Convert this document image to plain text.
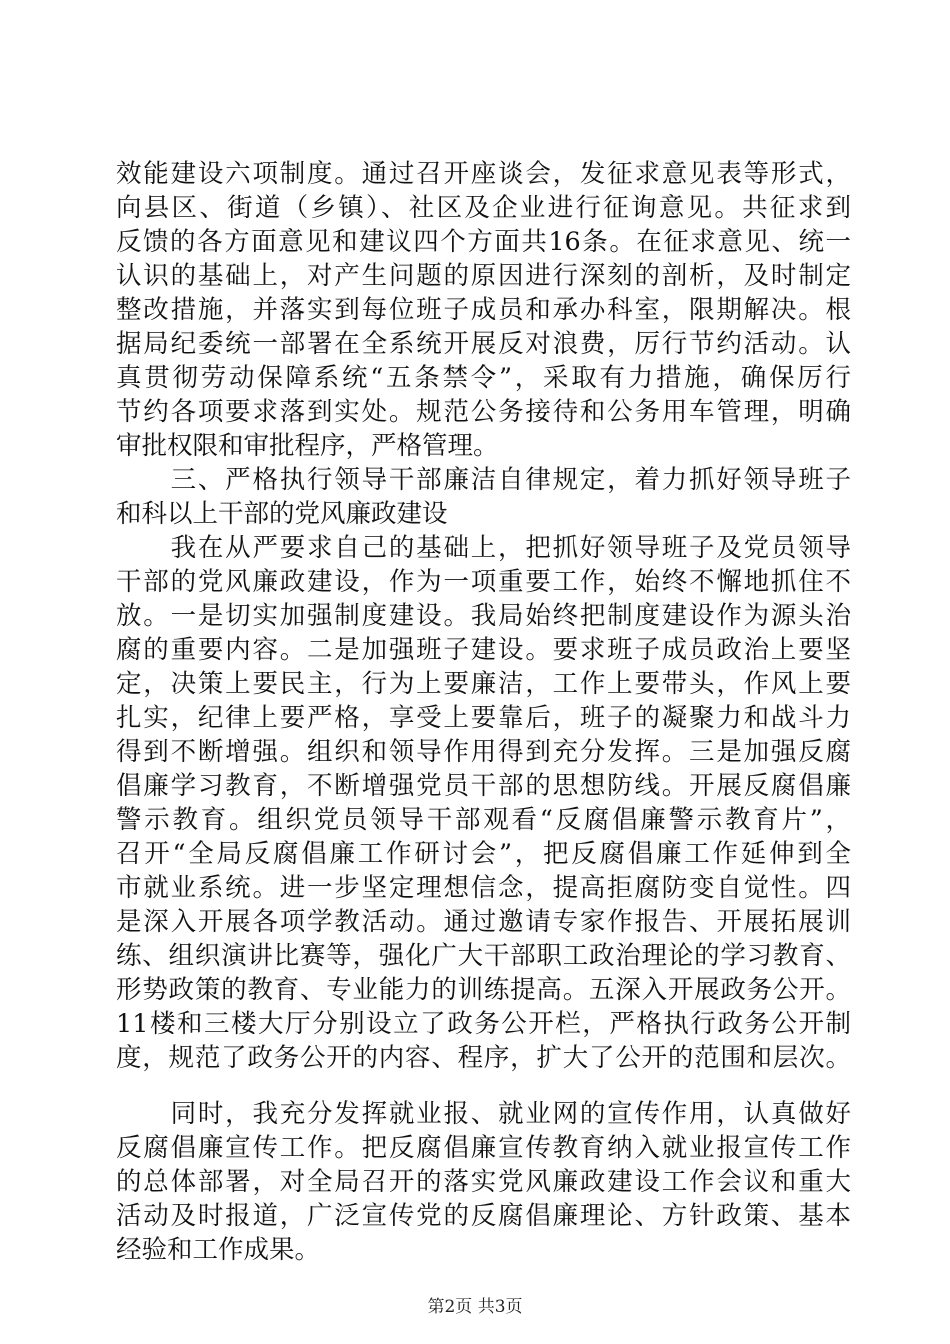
效能建设六项制度。通过召开座谈会，发征求意见表等形式，
向县区、街道（乡镇）、社区及企业进行征询意见。共征求到
反馈的各方面意见和建议四个方面共16条。在征求意见、统一
认识的基础上，对产生问题的原因进行深刻的剖析，及时制定
整改措施，并落实到每位班子成员和承办科室，限期解决。根
据局纪委统一部署在全系统开展反对浪费，厉行节约活动。认
真贯彻劳动保障系统“五条禁令”，采取有力措施，确保厉行
节约各项要求落到实处。规范公务接待和公务用车管理，明确
审批权限和审批程序，严格管理。
　　三、严格执行领导干部廉洁自律规定，着力抓好领导班子
和科以上干部的党风廉政建设
　　我在从严要求自己的基础上，把抓好领导班子及党员领导
干部的党风廉政建设，作为一项重要工作，始终不懈地抓住不
放。一是切实加强制度建设。我局始终把制度建设作为源头治
腐的重要内容。二是加强班子建设。要求班子成员政治上要坚
定，决策上要民主，行为上要廉洁，工作上要带头，作风上要
扎实，纪律上要严格，享受上要靠后，班子的凝聚力和战斗力
得到不断增强。组织和领导作用得到充分发挥。三是加强反腐
倡廉学习教育，不断增强党员干部的思想防线。开展反腐倡廉
警示教育。组织党员领导干部观看“反腐倡廉警示教育片”，
召开“全局反腐倡廉工作研讨会”，把反腐倡廉工作延伸到全
市就业系统。进一步坚定理想信念，提高拒腐防变自觉性。四
是深入开展各项学教活动。通过邀请专家作报告、开展拓展训
练、组织演讲比赛等，强化广大干部职工政治理论的学习教育、
形势政策的教育、专业能力的训练提高。五深入开展政务公开。
11楼和三楼大厅分别设立了政务公开栏，严格执行政务公开制
度，规范了政务公开的内容、程序，扩大了公开的范围和层次。
　　同时，我充分发挥就业报、就业网的宣传作用，认真做好
反腐倡廉宣传工作。把反腐倡廉宣传教育纳入就业报宣传工作
的总体部署，对全局召开的落实党风廉政建设工作会议和重大
活动及时报道，广泛宣传党的反腐倡廉理论、方针政策、基本
经验和工作成果。
第2页 共3页
